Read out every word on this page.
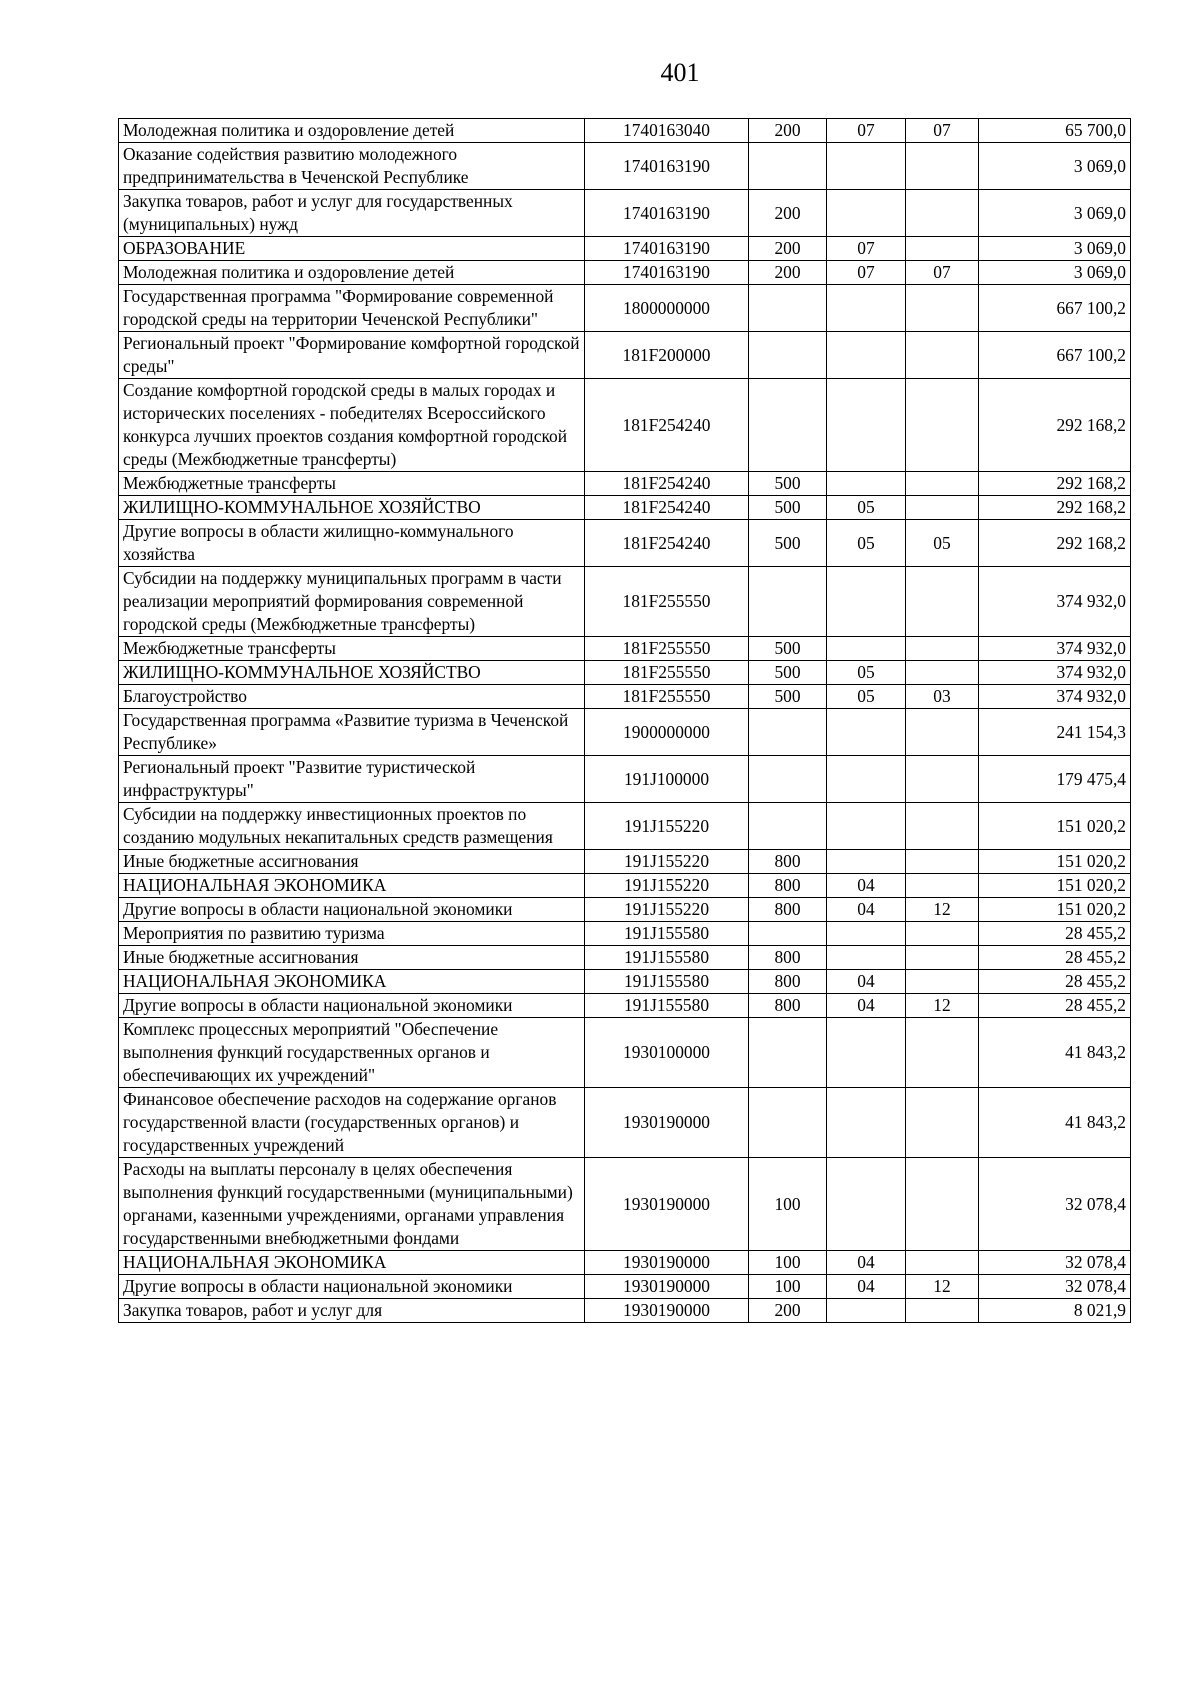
401
Молодежная политика и оздоровление детей	1740163040	200	07	07	65 700,0
Оказание содействия развитию молодежного предпринимательства в Чеченской Республике	1740163190				3 069,0
Закупка товаров, работ и услуг для государственных (муниципальных) нужд	1740163190	200			3 069,0
ОБРАЗОВАНИЕ	1740163190	200	07		3 069,0
Молодежная политика и оздоровление детей	1740163190	200	07	07	3 069,0
Государственная программа "Формирование современной городской среды на территории Чеченской Республики"	1800000000				667 100,2
Региональный проект "Формирование комфортной городской среды"	181F200000				667 100,2
Создание комфортной городской среды в малых городах и исторических поселениях - победителях Всероссийского конкурса лучших проектов создания комфортной городской среды (Межбюджетные трансферты)	181F254240				292 168,2
Межбюджетные трансферты	181F254240	500			292 168,2
ЖИЛИЩНО-КОММУНАЛЬНОЕ ХОЗЯЙСТВО	181F254240	500	05		292 168,2
Другие вопросы в области жилищно-коммунального хозяйства	181F254240	500	05	05	292 168,2
Субсидии на поддержку муниципальных программ в части реализации мероприятий формирования современной городской среды (Межбюджетные трансферты)	181F255550				374 932,0
Межбюджетные трансферты	181F255550	500			374 932,0
ЖИЛИЩНО-КОММУНАЛЬНОЕ ХОЗЯЙСТВО	181F255550	500	05		374 932,0
Благоустройство	181F255550	500	05	03	374 932,0
Государственная программа «Развитие туризма в Чеченской Республике»	1900000000				241 154,3
Региональный проект "Развитие туристической инфраструктуры"	191J100000				179 475,4
Субсидии на поддержку инвестиционных проектов по созданию модульных некапитальных средств размещения	191J155220				151 020,2
Иные бюджетные ассигнования	191J155220	800			151 020,2
НАЦИОНАЛЬНАЯ ЭКОНОМИКА	191J155220	800	04		151 020,2
Другие вопросы в области национальной экономики	191J155220	800	04	12	151 020,2
Мероприятия по развитию туризма	191J155580				28 455,2
Иные бюджетные ассигнования	191J155580	800			28 455,2
НАЦИОНАЛЬНАЯ ЭКОНОМИКА	191J155580	800	04		28 455,2
Другие вопросы в области национальной экономики	191J155580	800	04	12	28 455,2
Комплекс процессных мероприятий "Обеспечение выполнения функций государственных органов и обеспечивающих их учреждений"	1930100000				41 843,2
Финансовое обеспечение расходов на содержание органов государственной власти (государственных органов) и государственных учреждений	1930190000				41 843,2
Расходы на выплаты персоналу в целях обеспечения выполнения функций государственными (муниципальными) органами, казенными учреждениями, органами управления государственными внебюджетными фондами	1930190000	100			32 078,4
НАЦИОНАЛЬНАЯ ЭКОНОМИКА	1930190000	100	04		32 078,4
Другие вопросы в области национальной экономики	1930190000	100	04	12	32 078,4
Закупка товаров, работ и услуг для	1930190000	200			8 021,9
